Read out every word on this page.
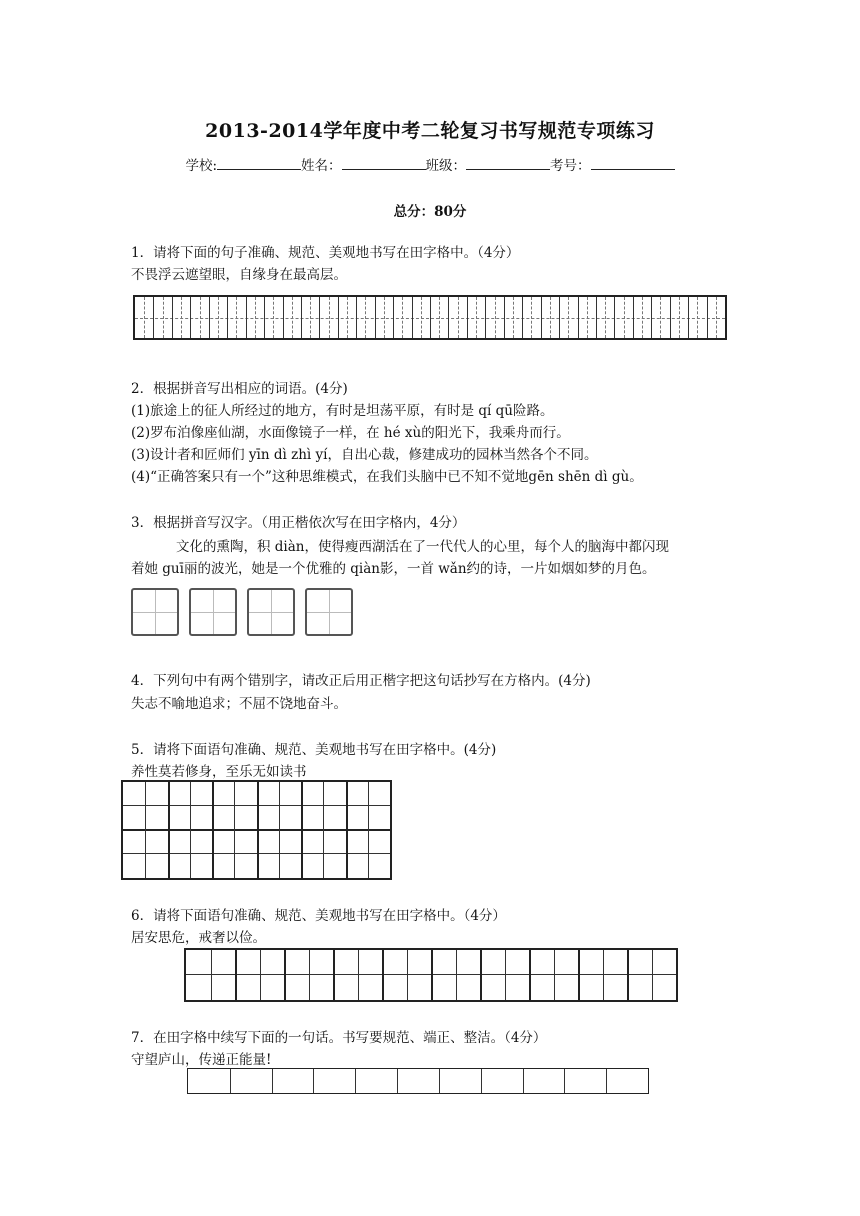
2013-2014学年度中考二轮复习书写规范专项练习
学校:	姓名：	班级：	考号：
总分：80分
1．请将下面的句子准确、规范、美观地书写在田字格中。（4分）
不畏浮云遮望眼，自缘身在最高层。
2．根据拼音写出相应的词语。(4分)
(1)旅途上的征人所经过的地方，有时是坦荡平原，有时是 qí qū险路。
(2)罗布泊像座仙湖，水面像镜子一样，在 hé xù的阳光下，我乘舟而行。
(3)设计者和匠师们 yīn dì zhì yí，自出心裁，修建成功的园林当然各个不同。
(4)“正确答案只有一个”这种思维模式，在我们头脑中已不知不觉地gēn shēn dì gù。
3．根据拼音写汉字。（用正楷依次写在田字格内，4分）
文化的熏陶，积 diàn，使得瘦西湖活在了一代代人的心里，每个人的脑海中都闪现
着她 guī丽的波光，她是一个优雅的 qiàn影，一首 wǎn约的诗，一片如烟如梦的月色。
4．下列句中有两个错别字，请改正后用正楷字把这句话抄写在方格内。(4分)
失志不喻地追求；不屈不饶地奋斗。
5．请将下面语句准确、规范、美观地书写在田字格中。(4分)
养性莫若修身，至乐无如读书
6．请将下面语句准确、规范、美观地书写在田字格中。（4分）
居安思危，戒奢以俭。
7．在田字格中续写下面的一句话。书写要规范、端正、整洁。（4分）
守望庐山，传递正能量!
